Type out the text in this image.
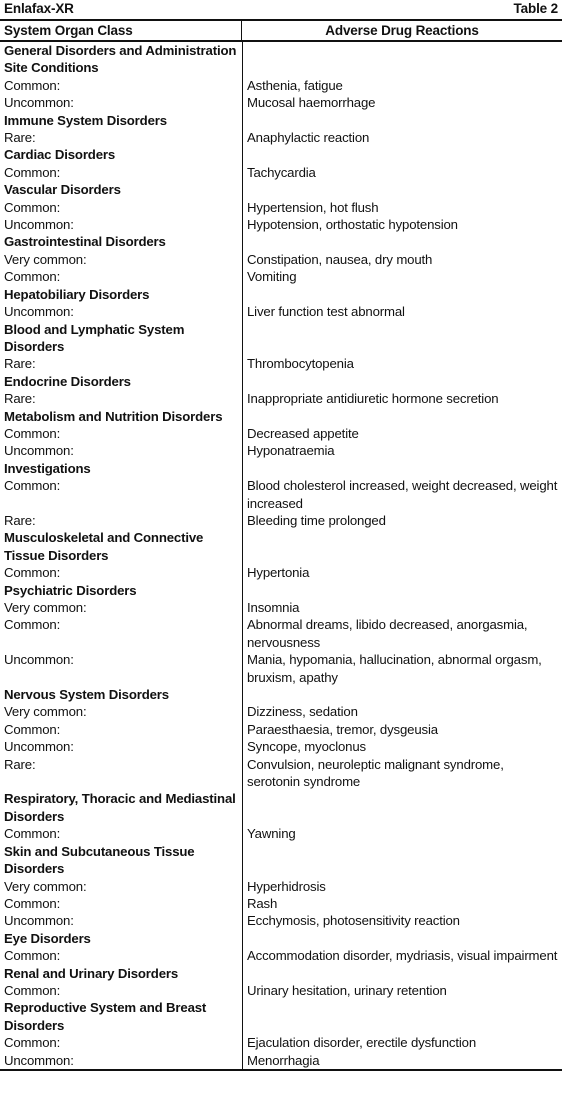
Enlafax-XR	Table 2
System Organ Class	Adverse Drug Reactions
General Disorders and Administration Site Conditions
Common:	Asthenia, fatigue
Uncommon:	Mucosal haemorrhage
Immune System Disorders
Rare:	Anaphylactic reaction
Cardiac Disorders
Common:	Tachycardia
Vascular Disorders
Common:	Hypertension, hot flush
Uncommon:	Hypotension, orthostatic hypotension
Gastrointestinal Disorders
Very common:	Constipation, nausea, dry mouth
Common:	Vomiting
Hepatobiliary Disorders
Uncommon:	Liver function test abnormal
Blood and Lymphatic System Disorders
Rare:	Thrombocytopenia
Endocrine Disorders
Rare:	Inappropriate antidiuretic hormone secretion
Metabolism and Nutrition Disorders
Common:	Decreased appetite
Uncommon:	Hyponatraemia
Investigations
Common:	Blood cholesterol increased, weight decreased, weight increased
Rare:	Bleeding time prolonged
Musculoskeletal and Connective Tissue Disorders
Common:	Hypertonia
Psychiatric Disorders
Very common:	Insomnia
Common:	Abnormal dreams, libido decreased, anorgasmia, nervousness
Uncommon:	Mania, hypomania, hallucination, abnormal orgasm, bruxism, apathy
Nervous System Disorders
Very common:	Dizziness, sedation
Common:	Paraesthaesia, tremor, dysgeusia
Uncommon:	Syncope, myoclonus
Rare:	Convulsion, neuroleptic malignant syndrome, serotonin syndrome
Respiratory, Thoracic and Mediastinal Disorders
Common:	Yawning
Skin and Subcutaneous Tissue Disorders
Very common:	Hyperhidrosis
Common:	Rash
Uncommon:	Ecchymosis, photosensitivity reaction
Eye Disorders
Common:	Accommodation disorder, mydriasis, visual impairment
Renal and Urinary Disorders
Common:	Urinary hesitation, urinary retention
Reproductive System and Breast Disorders
Common:	Ejaculation disorder, erectile dysfunction
Uncommon:	Menorrhagia
